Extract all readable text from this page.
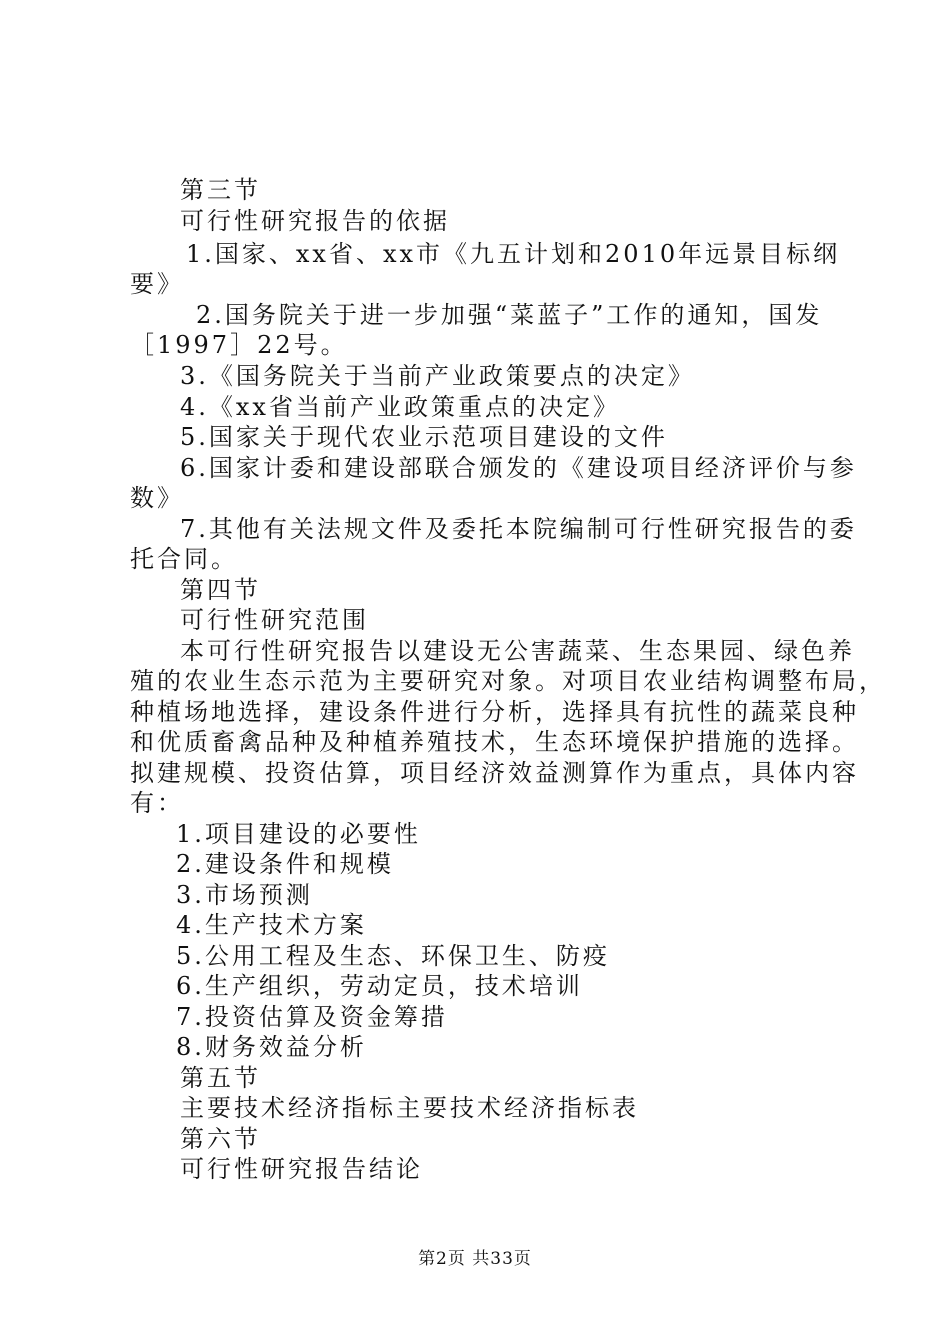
第三节
可行性研究报告的依据
1.国家、xx省、xx市《九五计划和2010年远景目标纲
要》
2.国务院关于进一步加强“菜蓝子”工作的通知，国发
［1997］22号。
3.《国务院关于当前产业政策要点的决定》
4.《xx省当前产业政策重点的决定》
5.国家关于现代农业示范项目建设的文件
6.国家计委和建设部联合颁发的《建设项目经济评价与参
数》
7.其他有关法规文件及委托本院编制可行性研究报告的委
托合同。
第四节
可行性研究范围
本可行性研究报告以建设无公害蔬菜、生态果园、绿色养
殖的农业生态示范为主要研究对象。对项目农业结构调整布局，
种植场地选择，建设条件进行分析，选择具有抗性的蔬菜良种
和优质畜禽品种及种植养殖技术，生态环境保护措施的选择。
拟建规模、投资估算，项目经济效益测算作为重点，具体内容
有：
1.项目建设的必要性
2.建设条件和规模
3.市场预测
4.生产技术方案
5.公用工程及生态、环保卫生、防疫
6.生产组织，劳动定员，技术培训
7.投资估算及资金筹措
8.财务效益分析
第五节
主要技术经济指标主要技术经济指标表
第六节
可行性研究报告结论
第2页 共33页
